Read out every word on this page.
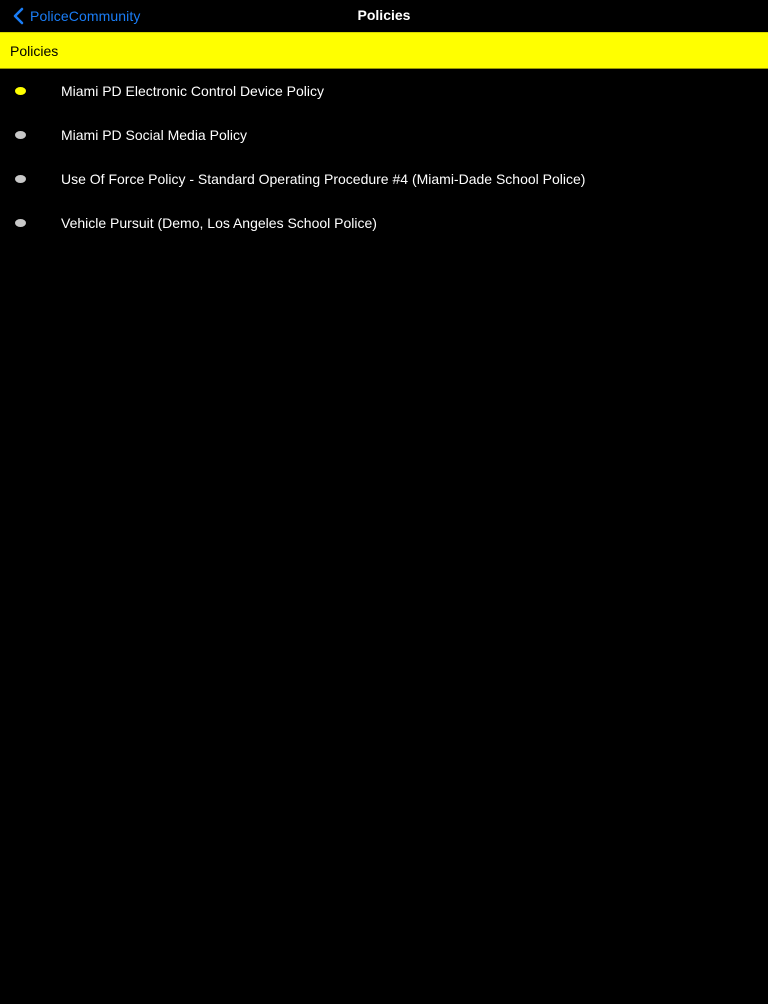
PoliceCommunity	Policies
Policies
Miami PD Electronic Control Device Policy
Miami PD Social Media Policy
Use Of Force Policy - Standard Operating Procedure #4 (Miami-Dade School Police)
Vehicle Pursuit (Demo, Los Angeles School Police)
